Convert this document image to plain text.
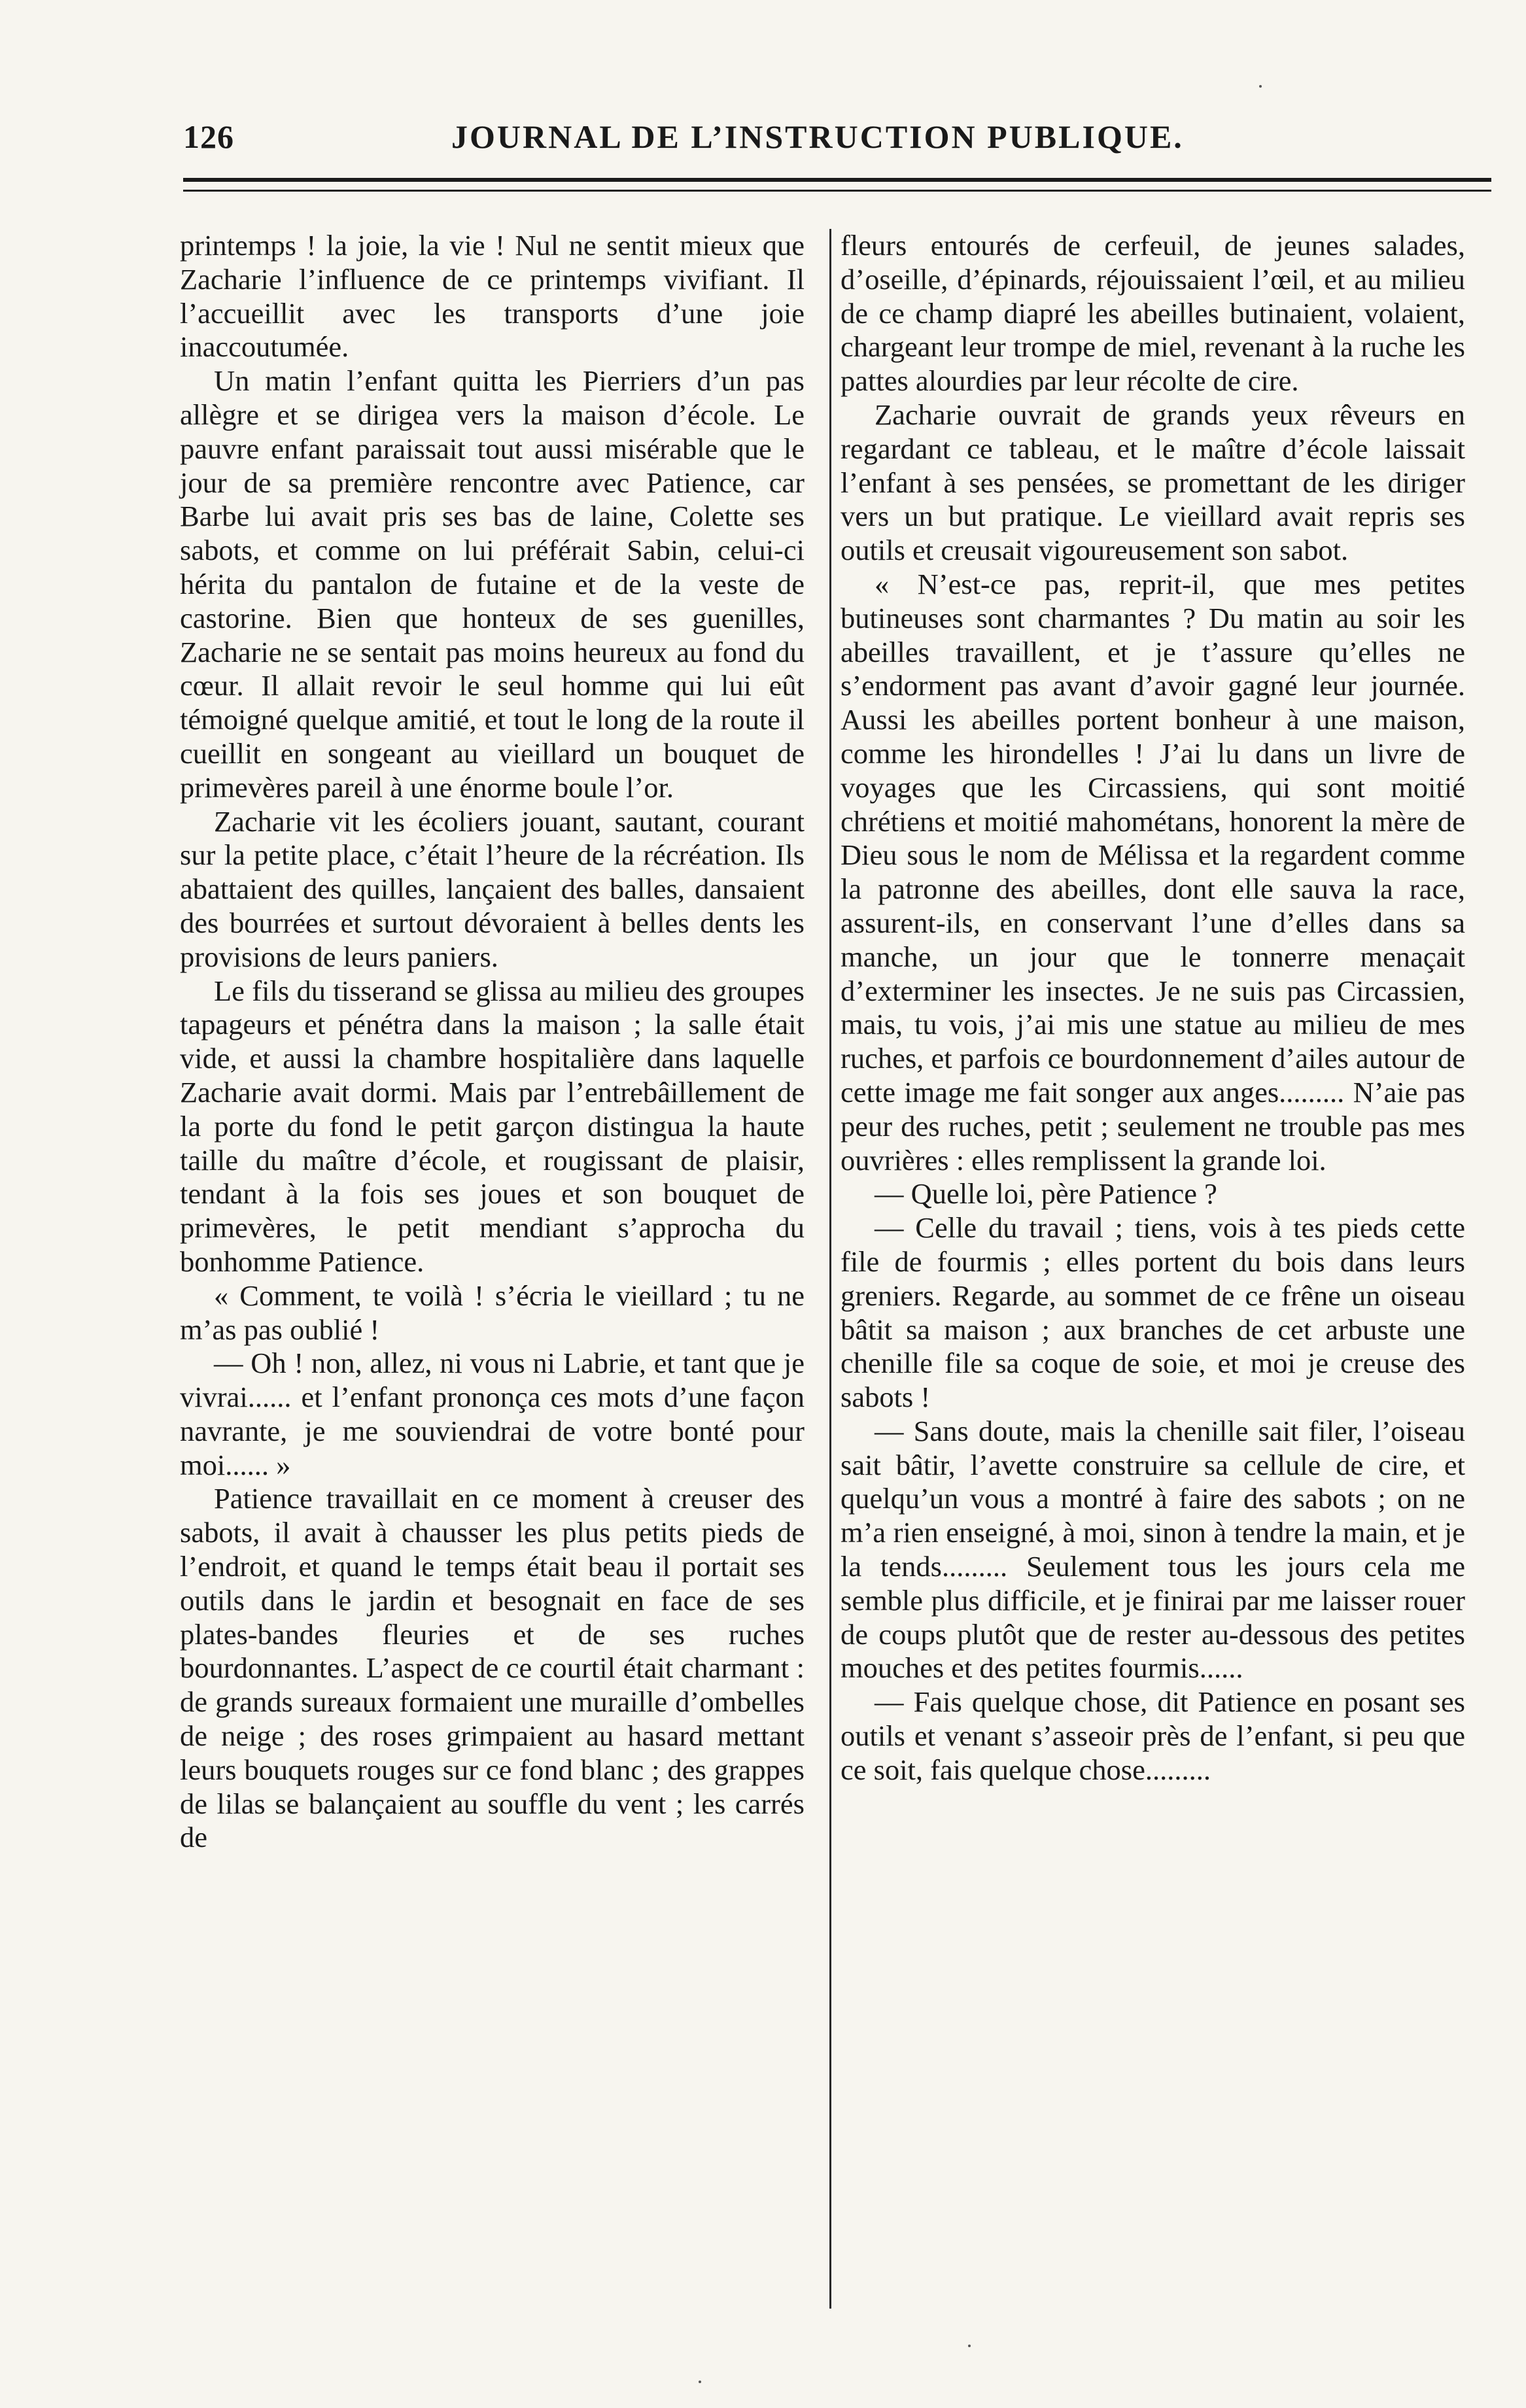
126	JOURNAL DE L’INSTRUCTION PUBLIQUE.

printemps ! la joie, la vie ! Nul ne sentit mieux que Zacharie l’influence de ce printemps vivifiant. Il l’accueillit avec les transports d’une joie inaccoutumée.

Un matin l’enfant quitta les Pierriers d’un pas allègre et se dirigea vers la maison d’école. Le pauvre enfant paraissait tout aussi misérable que le jour de sa première rencontre avec Patience, car Barbe lui avait pris ses bas de laine, Colette ses sabots, et comme on lui préférait Sabin, celui-ci hérita du pantalon de futaine et de la veste de castorine. Bien que honteux de ses guenilles, Zacharie ne se sentait pas moins heureux au fond du cœur. Il allait revoir le seul homme qui lui eût témoigné quelque amitié, et tout le long de la route il cueillit en songeant au vieillard un bouquet de primevères pareil à une énorme boule l’or.

Zacharie vit les écoliers jouant, sautant, courant sur la petite place, c’était l’heure de la récréation. Ils abattaient des quilles, lançaient des balles, dansaient des bourrées et surtout dévoraient à belles dents les provisions de leurs paniers.

Le fils du tisserand se glissa au milieu des groupes tapageurs et pénétra dans la maison ; la salle était vide, et aussi la chambre hospitalière dans laquelle Zacharie avait dormi. Mais par l’entrebâillement de la porte du fond le petit garçon distingua la haute taille du maître d’école, et rougissant de plaisir, tendant à la fois ses joues et son bouquet de primevères, le petit mendiant s’approcha du bonhomme Patience.

« Comment, te voilà ! s’écria le vieillard ; tu ne m’as pas oublié !

— Oh ! non, allez, ni vous ni Labrie, et tant que je vivrai...... et l’enfant prononça ces mots d’une façon navrante, je me souviendrai de votre bonté pour moi...... »

Patience travaillait en ce moment à creuser des sabots, il avait à chausser les plus petits pieds de l’endroit, et quand le temps était beau il portait ses outils dans le jardin et besognait en face de ses plates-bandes fleuries et de ses ruches bourdonnantes. L’aspect de ce courtil était charmant : de grands sureaux formaient une muraille d’ombelles de neige ; des roses grimpaient au hasard mettant leurs bouquets rouges sur ce fond blanc ; des grappes de lilas se balançaient au souffle du vent ; les carrés de

fleurs entourés de cerfeuil, de jeunes salades, d’oseille, d’épinards, réjouissaient l’œil, et au milieu de ce champ diapré les abeilles butinaient, volaient, chargeant leur trompe de miel, revenant à la ruche les pattes alourdies par leur récolte de cire.

Zacharie ouvrait de grands yeux rêveurs en regardant ce tableau, et le maître d’école laissait l’enfant à ses pensées, se promettant de les diriger vers un but pratique. Le vieillard avait repris ses outils et creusait vigoureusement son sabot.

« N’est-ce pas, reprit-il, que mes petites butineuses sont charmantes ? Du matin au soir les abeilles travaillent, et je t’assure qu’elles ne s’endorment pas avant d’avoir gagné leur journée. Aussi les abeilles portent bonheur à une maison, comme les hirondelles ! J’ai lu dans un livre de voyages que les Circassiens, qui sont moitié chrétiens et moitié mahométans, honorent la mère de Dieu sous le nom de Mélissa et la regardent comme la patronne des abeilles, dont elle sauva la race, assurent-ils, en conservant l’une d’elles dans sa manche, un jour que le tonnerre menaçait d’exterminer les insectes. Je ne suis pas Circassien, mais, tu vois, j’ai mis une statue au milieu de mes ruches, et parfois ce bourdonnement d’ailes autour de cette image me fait songer aux anges......... N’aie pas peur des ruches, petit ; seulement ne trouble pas mes ouvrières : elles remplissent la grande loi.

— Quelle loi, père Patience ?

— Celle du travail ; tiens, vois à tes pieds cette file de fourmis ; elles portent du bois dans leurs greniers. Regarde, au sommet de ce frêne un oiseau bâtit sa maison ; aux branches de cet arbuste une chenille file sa coque de soie, et moi je creuse des sabots !

— Sans doute, mais la chenille sait filer, l’oiseau sait bâtir, l’avette construire sa cellule de cire, et quelqu’un vous a montré à faire des sabots ; on ne m’a rien enseigné, à moi, sinon à tendre la main, et je la tends......... Seulement tous les jours cela me semble plus difficile, et je finirai par me laisser rouer de coups plutôt que de rester au-dessous des petites mouches et des petites fourmis......

— Fais quelque chose, dit Patience en posant ses outils et venant s’asseoir près de l’enfant, si peu que ce soit, fais quelque chose.........
